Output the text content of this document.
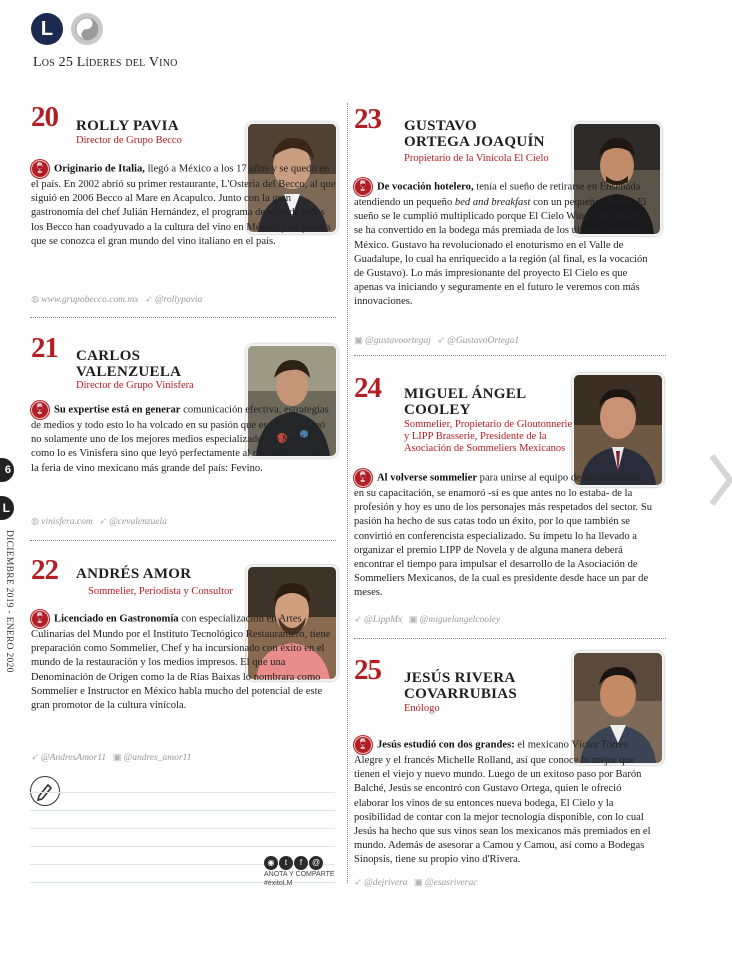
L
Los 25 Líderes del Vino
6
L
DICIEMBRE 2019 - ENERO 2020
20 ROLLY PAVIA
Director de Grupo Becco
🍷 Originario de Italia, llegó a México a los 17 años y se quedó en el país. En 2002 abrió su primer restaurante, L'Osteria del Becco, al que siguió en 2006 Becco al Mare en Acapulco. Junto con la gran gastronomía del chef Julián Hernández, el programa de vino de todos los Becco han coadyuvado a la cultura del vino en México y en parte a que se conozca el gran mundo del vino italiano en el país.
◍ www.grupobecco.com.mx ➶ @rollypavia
21 CARLOS
VALENZUELA
Director de Grupo Vinisfera
🍷 Su expertise está en generar comunicación efectiva, estrategias de medios y todo esto lo ha volcado en su pasión que es el vino. Creó no solamente uno de los mejores medios especializados en México como lo es Vinisfera sino que leyó perfectamente al mercado al crear la feria de vino mexicano más grande del país: Fevino.
◍ vinisfera.com ➶ @cevalenzuela
22 ANDRÉS AMOR
Sommelier, Periodista y Consultor
🍷 Licenciado en Gastronomía con especialización en Artes Culinarias del Mundo por el Instituto Tecnológico Restaurantero, tiene preparación como Sommelier, Chef y ha incursionado con éxito en el mundo de la restauración y los medios impresos. El que una Denominación de Origen como la de Rías Baixas lo nombrara como Sommelier e Instructor en México habla mucho del potencial de este gran promotor de la cultura vinícola.
➶ @AndresAmor11 ▣ @andres_amor11
◉ t f @
ANOTA Y COMPARTE
#éxitoLM
23 GUSTAVO
ORTEGA JOAQUÍN
Propietario de la Vinícola El Cielo
🍷 De vocación hotelero, tenía el sueño de retirarse en Ensenada atendiendo un pequeño bed and breakfast con un pequeño viñedo. El sueño se le cumplió multiplicado porque El Cielo Winery & Resort se ha convertido en la bodega más premiada de los últimos años en México. Gustavo ha revolucionado el enoturismo en el Valle de Guadalupe, lo cual ha enriquecido a la región (al final, es la vocación de Gustavo). Lo más impresionante del proyecto El Cielo es que apenas va iniciando y seguramente en el futuro le veremos con más innovaciones.
▣ @gustavoortegaj ➶ @GustavoOrtega1
24 MIGUEL ÁNGEL
COOLEY
Sommelier, Propietario de Gloutonnerie
y LIPP Brasserie, Presidente de la
Asociación de Sommeliers Mexicanos
🍷 Al volverse sommelier para unirse al equipo de su restaurante en su capacitación, se enamoró -sí es que antes no lo estaba- de la profesión y hoy es uno de los personajes más respetados del sector. Su pasión ha hecho de sus catas todo un éxito, por lo que también se convirtió en conferencista especializado. Su ímpetu lo ha llevado a organizar el premio LIPP de Novela y de alguna manera deberá encontrar el tiempo para impulsar el desarrollo de la Asociación de Sommeliers Mexicanos, de la cual es presidente desde hace un par de meses.
➶ @LippMx ▣ @miguelangelcooley
25 JESÚS RIVERA
COVARRUBIAS
Enólogo
🍷 Jesús estudió con dos grandes: el mexicano Víctor Torres Alegre y el francés Michelle Rolland, así que conoce lo mejor que tienen el viejo y nuevo mundo. Luego de un exitoso paso por Barón Balché, Jesús se encontró con Gustavo Ortega, quien le ofreció elaborar los vinos de su entonces nueva bodega, El Cielo y la posibilidad de contar con la mejor tecnología disponible, con lo cual Jesús ha hecho que sus vinos sean los mexicanos más premiados en el mundo. Además de asesorar a Camou y Camou, así como a Bodegas Sinopsis, tiene su propio vino d'Rivera.
➶ @dejrivera ▣ @esasriverac
